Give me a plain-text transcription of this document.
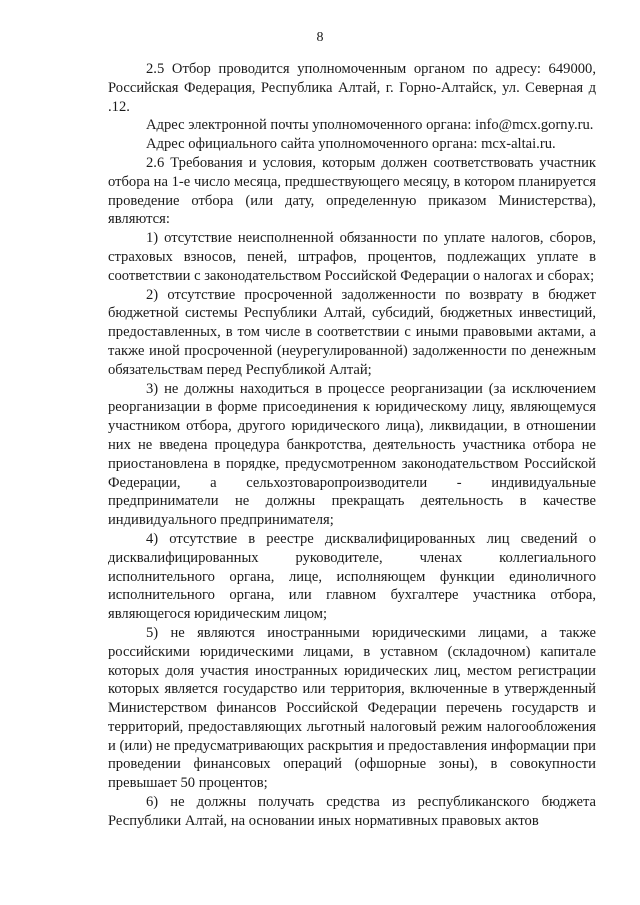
8

2.5 Отбор проводится уполномоченным органом по адресу: 649000, Российская Федерация, Республика Алтай, г. Горно-Алтайск, ул. Северная д .12.

Адрес электронной почты уполномоченного органа: info@mcx.gorny.ru.

Адрес официального сайта уполномоченного органа: mcx-altai.ru.

2.6 Требования и условия, которым должен соответствовать участник отбора на 1-е число месяца, предшествующего месяцу, в котором планируется проведение отбора (или дату, определенную приказом Министерства), являются:

1) отсутствие неисполненной обязанности по уплате налогов, сборов, страховых взносов, пеней, штрафов, процентов, подлежащих уплате в соответствии с законодательством Российской Федерации о налогах и сборах;

2) отсутствие просроченной задолженности по возврату в бюджет бюджетной системы Республики Алтай, субсидий, бюджетных инвестиций, предоставленных, в том числе в соответствии с иными правовыми актами, а также иной просроченной (неурегулированной) задолженности по денежным обязательствам перед Республикой Алтай;

3) не должны находиться в процессе реорганизации (за исключением реорганизации в форме присоединения к юридическому лицу, являющемуся участником отбора, другого юридического лица), ликвидации, в отношении них не введена процедура банкротства, деятельность участника отбора не приостановлена в порядке, предусмотренном законодательством Российской Федерации, а сельхозтоваропроизводители - индивидуальные предприниматели не должны прекращать деятельность в качестве индивидуального предпринимателя;

4) отсутствие в реестре дисквалифицированных лиц сведений о дисквалифицированных руководителе, членах коллегиального исполнительного органа, лице, исполняющем функции единоличного исполнительного органа, или главном бухгалтере участника отбора, являющегося юридическим лицом;

5) не являются иностранными юридическими лицами, а также российскими юридическими лицами, в уставном (складочном) капитале которых доля участия иностранных юридических лиц, местом регистрации которых является государство или территория, включенные в утвержденный Министерством финансов Российской Федерации перечень государств и территорий, предоставляющих льготный налоговый режим налогообложения и (или) не предусматривающих раскрытия и предоставления информации при проведении финансовых операций (офшорные зоны), в совокупности превышает 50 процентов;

6) не должны получать средства из республиканского бюджета Республики Алтай, на основании иных нормативных правовых актов
